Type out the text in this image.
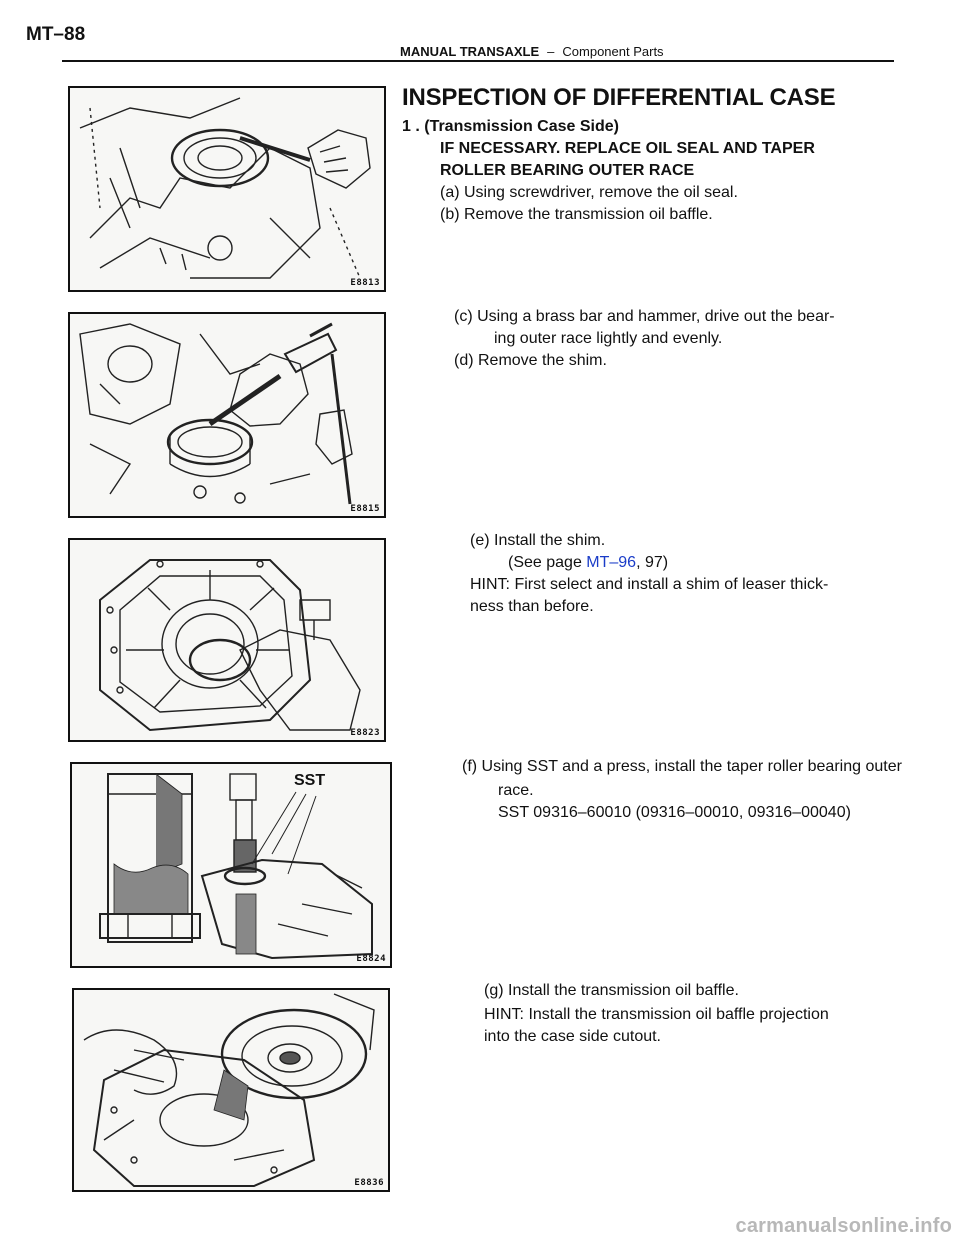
MT–88
MANUAL TRANSAXLE – Component Parts
E8813
E8815
E8823
SST
E8824
E8836
INSPECTION OF DIFFERENTIAL CASE
1 . (Transmission Case Side)
IF NECESSARY. REPLACE OIL SEAL AND TAPER
ROLLER BEARING OUTER RACE
(a) Using screwdriver, remove the oil seal.
(b) Remove the transmission oil baffle.
(c) Using a brass bar and hammer, drive out the bear-
ing outer race lightly and evenly.
(d) Remove the shim.
(e) Install the shim.
(See page MT–96, 97)
HINT: First select and install a shim of leaser thick-
ness than before.
(f) Using SST and a press, install the taper roller bearing outer
race.
SST 09316–60010 (09316–00010, 09316–00040)
(g) Install the transmission oil baffle.
HINT: Install the transmission oil baffle projection
into the case side cutout.
carmanualsonline.info
